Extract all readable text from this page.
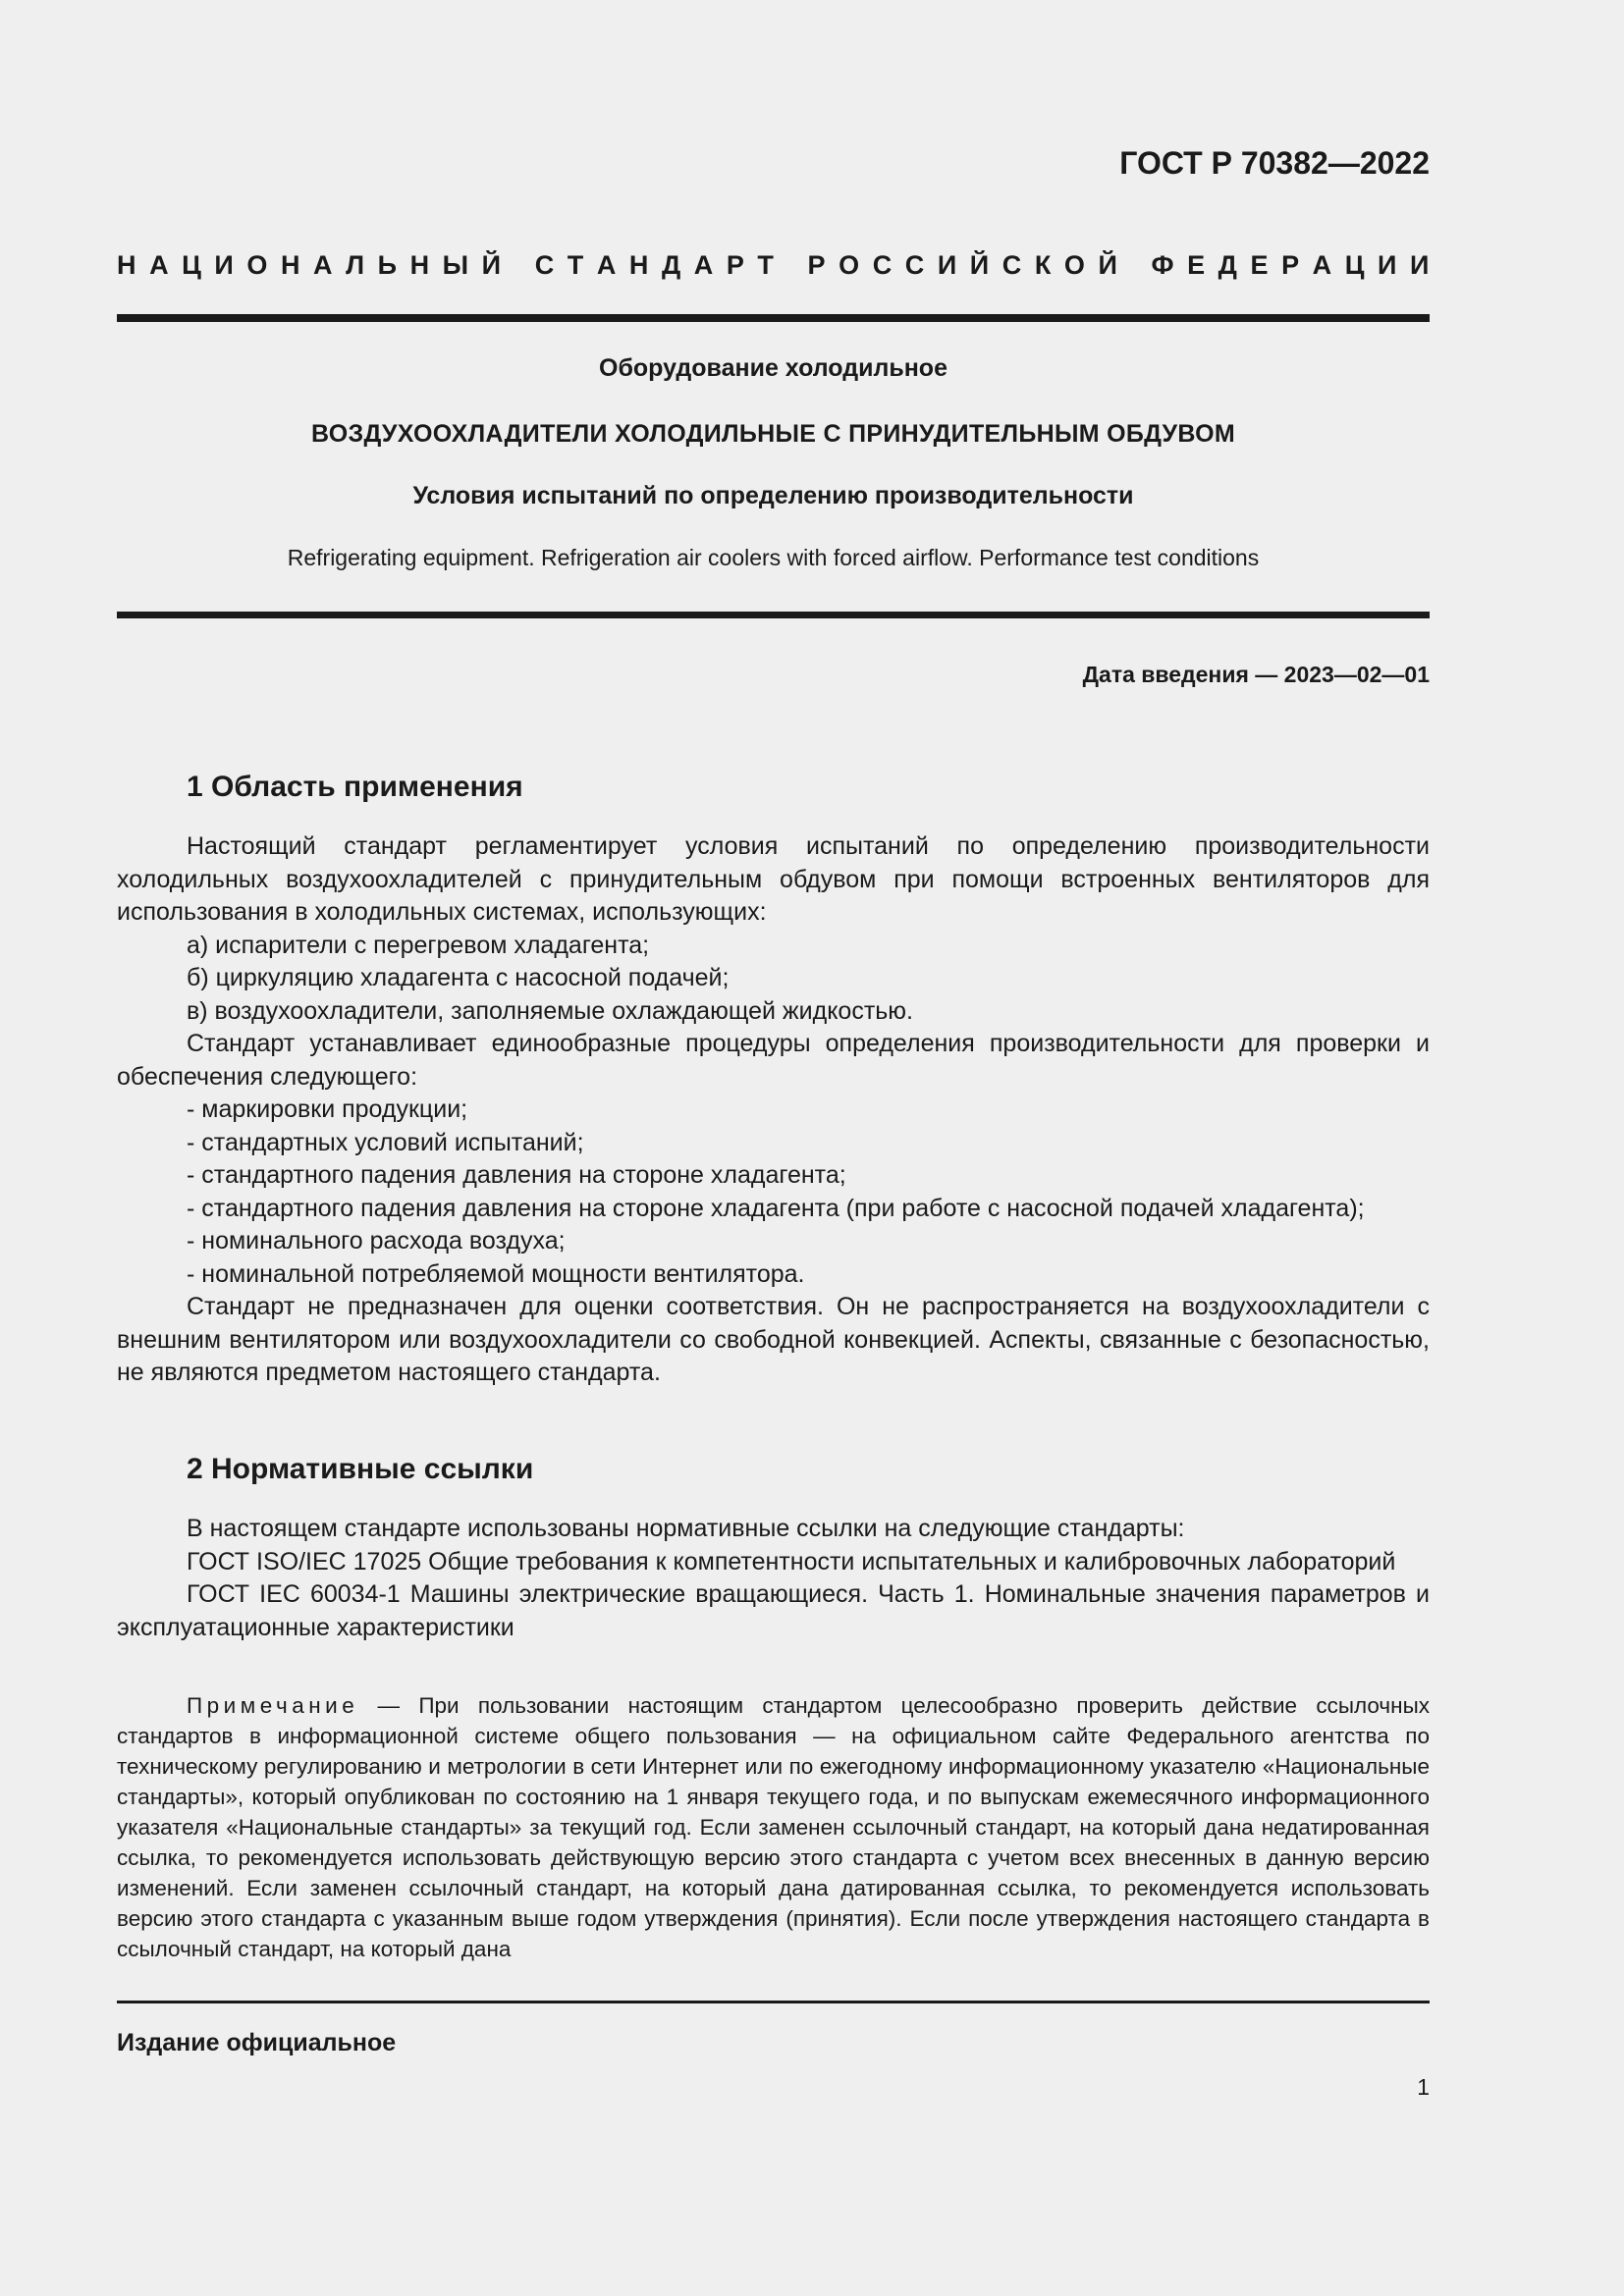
ГОСТ Р 70382—2022
Н А Ц И О Н А Л Ь Н Ы Й
С Т А Н Д А Р Т
Р О С С И Й С К О Й
Ф Е Д Е Р А Ц И И
Оборудование холодильное
ВОЗДУХООХЛАДИТЕЛИ ХОЛОДИЛЬНЫЕ С ПРИНУДИТЕЛЬНЫМ ОБДУВОМ
Условия испытаний по определению производительности
Refrigerating equipment. Refrigeration air coolers with forced airflow. Performance test conditions
Дата введения — 2023—02—01
1 Область применения

Настоящий стандарт регламентирует условия испытаний по определению производительности холодильных воздухоохладителей с принудительным обдувом при помощи встроенных вентиляторов для использования в холодильных системах, использующих:

а) испарители с перегревом хладагента;

б) циркуляцию хладагента с насосной подачей;

в) воздухоохладители, заполняемые охлаждающей жидкостью.

Стандарт устанавливает единообразные процедуры определения производительности для проверки и обеспечения следующего:

- маркировки продукции;

- стандартных условий испытаний;

- стандартного падения давления на стороне хладагента;

- стандартного падения давления на стороне хладагента (при работе с насосной подачей хладагента);

- номинального расхода воздуха;

- номинальной потребляемой мощности вентилятора.

Стандарт не предназначен для оценки соответствия. Он не распространяется на воздухоохладители с внешним вентилятором или воздухоохладители со свободной конвекцией. Аспекты, связанные с безопасностью, не являются предметом настоящего стандарта.

2 Нормативные ссылки

В настоящем стандарте использованы нормативные ссылки на следующие стандарты:

ГОСТ ISO/IEC 17025 Общие требования к компетентности испытательных и калибровочных лабораторий

ГОСТ IEC 60034-1 Машины электрические вращающиеся. Часть 1. Номинальные значения параметров и эксплуатационные характеристики

Примечание — При пользовании настоящим стандартом целесообразно проверить действие ссылочных стандартов в информационной системе общего пользования — на официальном сайте Федерального агентства по техническому регулированию и метрологии в сети Интернет или по ежегодному информационному указателю «Национальные стандарты», который опубликован по состоянию на 1 января текущего года, и по выпускам ежемесячного информационного указателя «Национальные стандарты» за текущий год. Если заменен ссылочный стандарт, на который дана недатированная ссылка, то рекомендуется использовать действующую версию этого стандарта с учетом всех внесенных в данную версию изменений. Если заменен ссылочный стандарт, на который дана датированная ссылка, то рекомендуется использовать версию этого стандарта с указанным выше годом утверждения (принятия). Если после утверждения настоящего стандарта в ссылочный стандарт, на который дана

Издание официальное
1
